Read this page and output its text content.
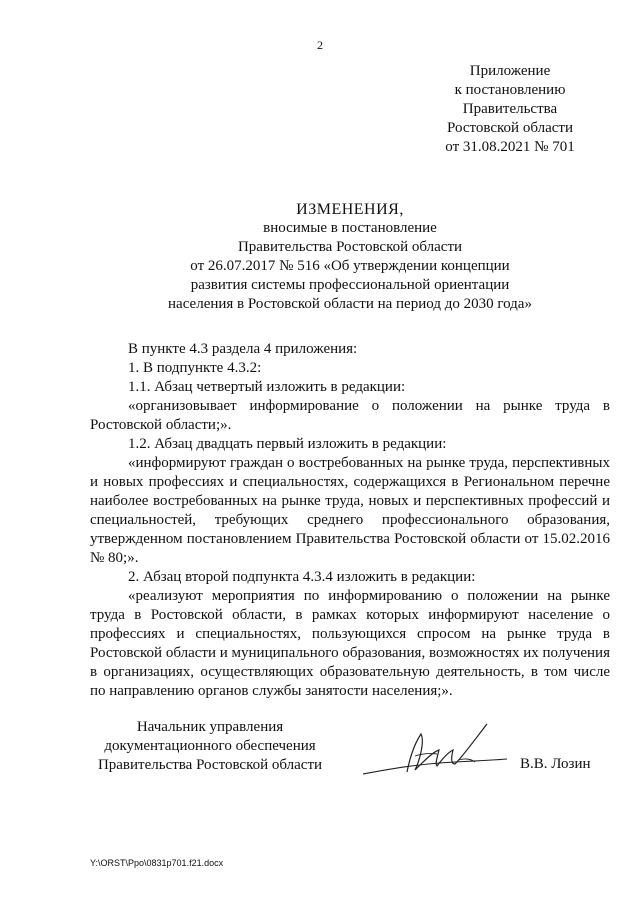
2
Приложение
к постановлению
Правительства
Ростовской области
от 31.08.2021 № 701
ИЗМЕНЕНИЯ,
вносимые в постановление
Правительства Ростовской области
от 26.07.2017 № 516 «Об утверждении концепции
развития системы профессиональной ориентации
населения в Ростовской области на период до 2030 года»

В пункте 4.3 раздела 4 приложения:

1. В подпункте 4.3.2:

1.1. Абзац четвертый изложить в редакции:

«организовывает информирование о положении на рынке труда в Ростовской области;».

1.2. Абзац двадцать первый изложить в редакции:

«информируют граждан о востребованных на рынке труда, перспективных и новых профессиях и специальностях, содержащихся в Региональном перечне наиболее востребованных на рынке труда, новых и перспективных профессий и специальностей, требующих среднего профессионального образования, утвержденном постановлением Правительства Ростовской области от 15.02.2016 № 80;».

2. Абзац второй подпункта 4.3.4 изложить в редакции:

«реализуют мероприятия по информированию о положении на рынке труда в Ростовской области, в рамках которых информируют население о профессиях и специальностях, пользующихся спросом на рынке труда в Ростовской области и муниципального образования, возможностях их получения в организациях, осуществляющих образовательную деятельность, в том числе по направлению органов службы занятости населения;».

Начальник управления
документационного обеспечения
Правительства Ростовской области	В.В. Лозин
Y:\ORST\Ppo\0831p701.f21.docx
